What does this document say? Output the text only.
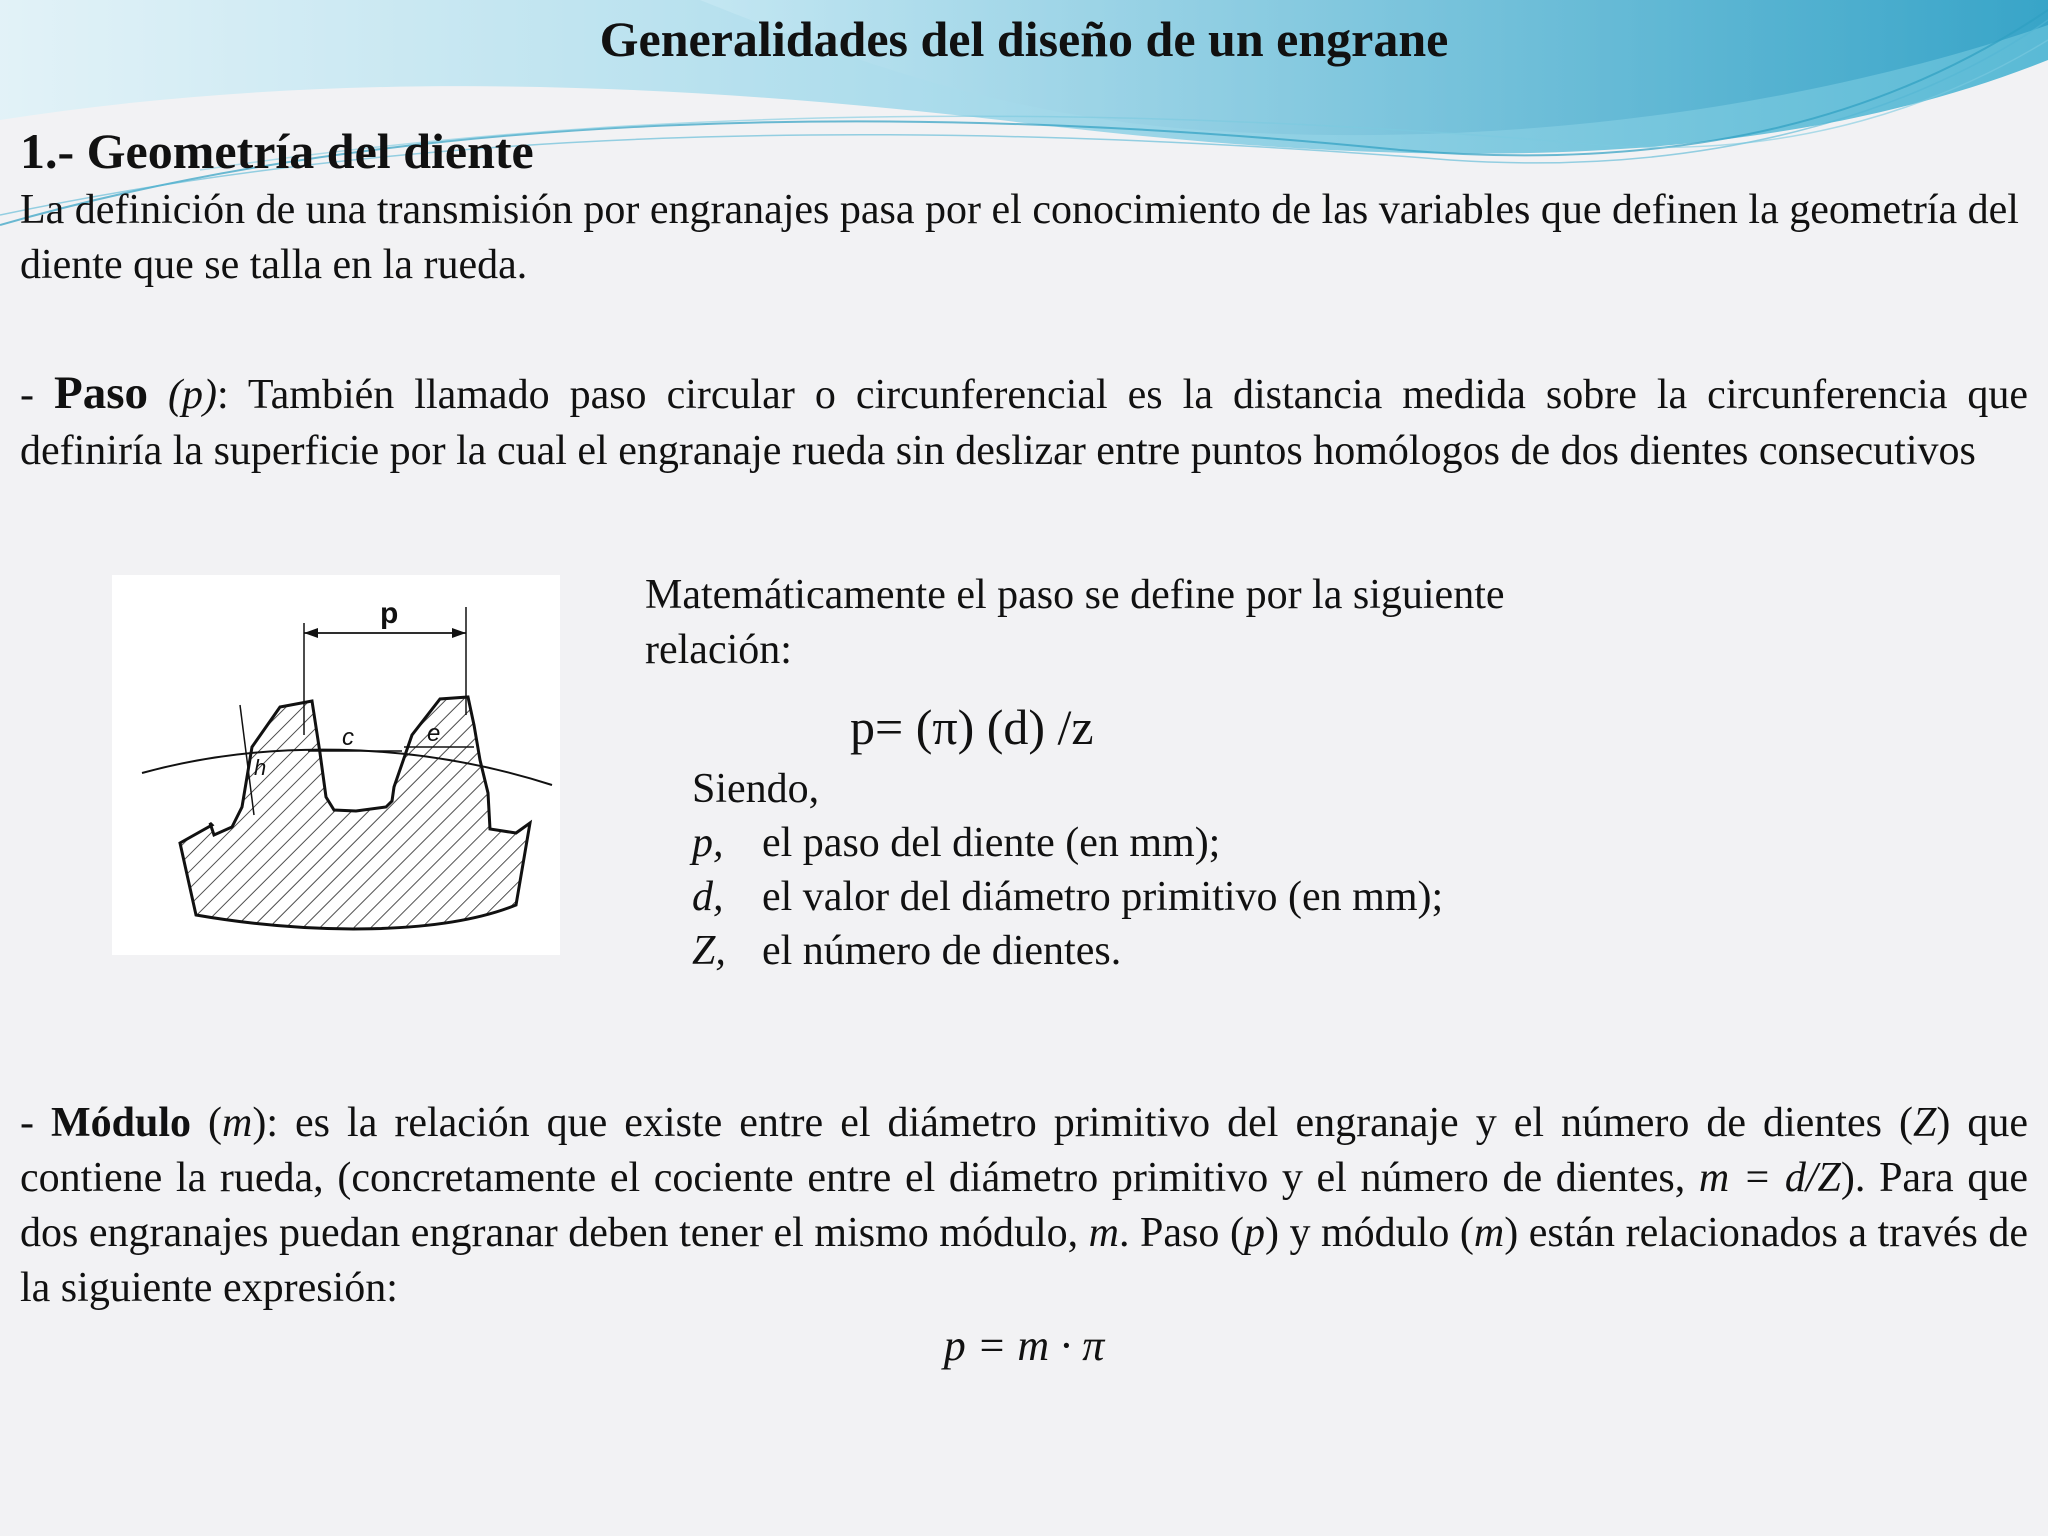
Generalidades del diseño de un engrane
1.- Geometría del diente

La definición de una transmisión por engranajes pasa por el conocimiento de las variables que definen la geometría del diente que se talla en la rueda.

- Paso (p): También llamado paso circular o circunferencial es la distancia medida sobre la circunferencia que definiría la superficie por la cual el engranaje rueda sin deslizar entre puntos homólogos de dos dientes consecutivos

p
c	e
h

Matemáticamente el paso se define por la siguiente relación:

p= (π) (d) /z

Siendo,
p, el paso del diente (en mm);
d, el valor del diámetro primitivo (en mm);
Z, el número de dientes.

- Módulo (m): es la relación que existe entre el diámetro primitivo del engranaje y el número de dientes (Z) que contiene la rueda, (concretamente el cociente entre el diámetro primitivo y el número de dientes, m = d/Z). Para que dos engranajes puedan engranar deben tener el mismo módulo, m. Paso (p) y módulo (m) están relacionados a través de la siguiente expresión:

p = m · π
